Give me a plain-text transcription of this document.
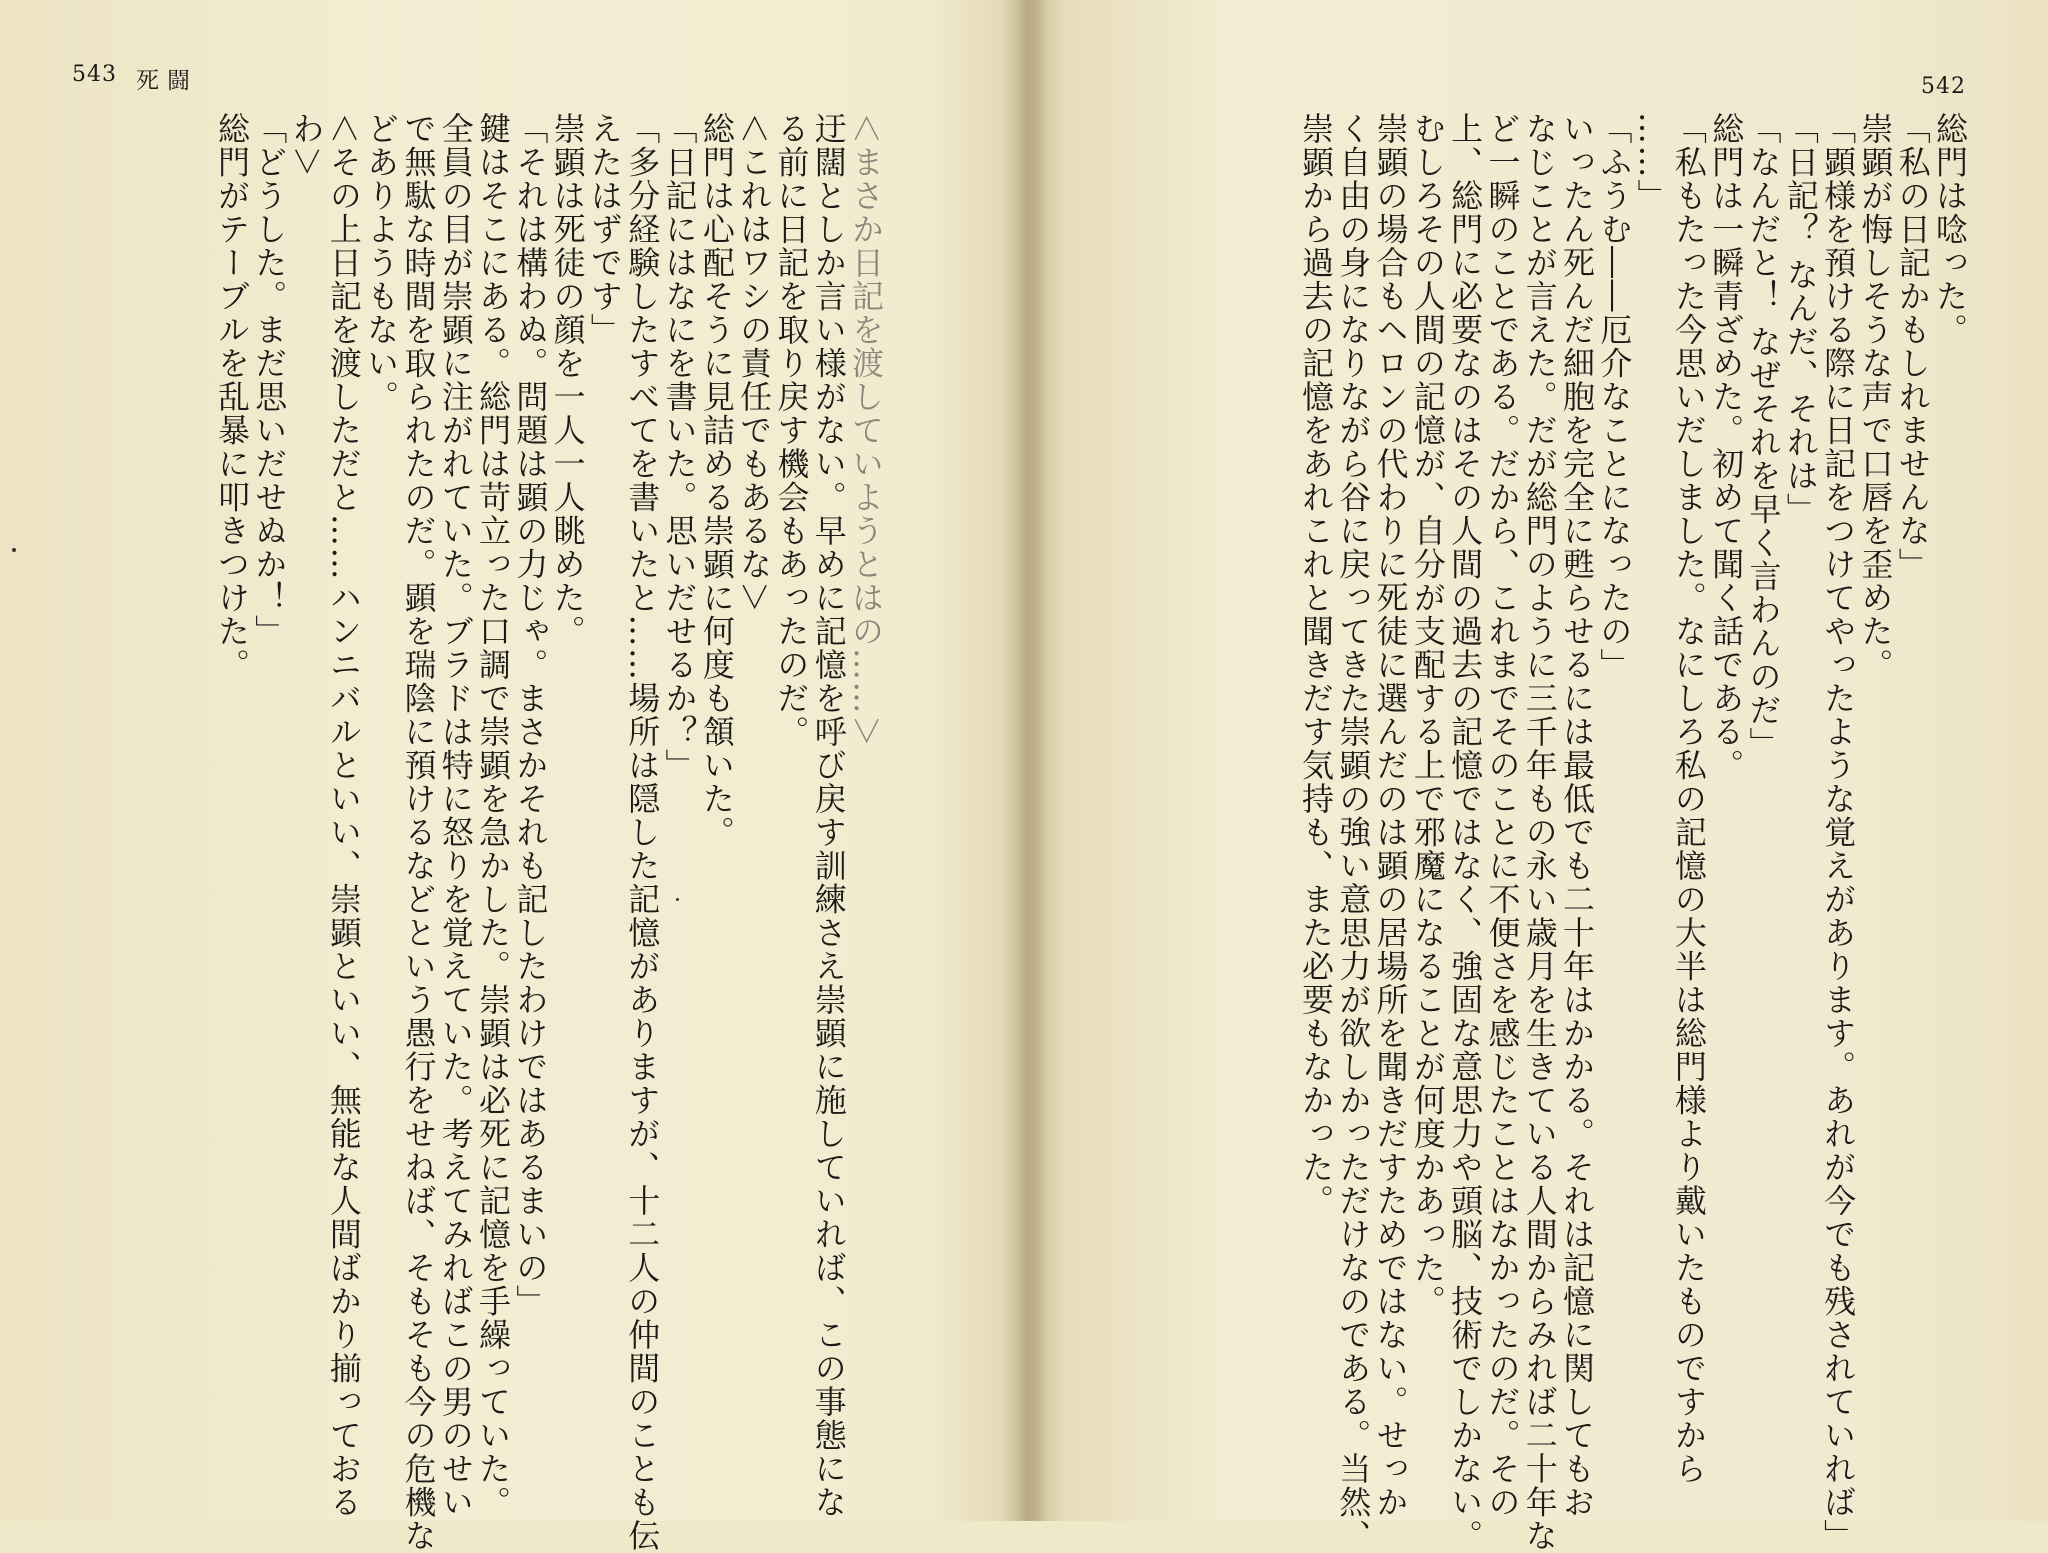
543 死闘	542
＜まさか日記を渡していようとはの……＞
迂闊としか言い様がない。早めに記憶を呼び戻す訓練さえ崇顕に施していれば、この事態にな
る前に日記を取り戻す機会もあったのだ。
＜これはワシの責任でもあるな＞
総門は心配そうに見詰める崇顕に何度も頷いた。
「日記にはなにを書いた。思いだせるか？」
「多分経験したすべてを書いたと……場所は隠した記憶がありますが、十二人の仲間のことも伝
えたはずです」
崇顕は死徒の顔を一人一人眺めた。
「それは構わぬ。問題は顕の力じゃ。まさかそれも記したわけではあるまいの」
鍵はそこにある。総門は苛立った口調で崇顕を急かした。崇顕は必死に記憶を手繰っていた。
全員の目が崇顕に注がれていた。ブラドは特に怒りを覚えていた。考えてみればこの男のせい
で無駄な時間を取られたのだ。顕を瑞陰に預けるなどという愚行をせねば、そもそも今の危機な
どありようもない。
＜その上日記を渡しただと……ハンニバルといい、崇顕といい、無能な人間ばかり揃っておる
わ＞
「どうした。まだ思いだせぬか！」
総門がテーブルを乱暴に叩きつけた。	総門は唸った。
「私の日記かもしれませんな」
崇顕が悔しそうな声で口唇を歪めた。
「顕様を預ける際に日記をつけてやったような覚えがあります。あれが今でも残されていれば」
「日記？ なんだ、それは」
「なんだと！ なぜそれを早く言わんのだ」
総門は一瞬青ざめた。初めて聞く話である。
「私もたった今思いだしました。なにしろ私の記憶の大半は総門様より戴いたものですから
……」
「ふうむ――厄介なことになったの」
いったん死んだ細胞を完全に甦らせるには最低でも二十年はかかる。それは記憶に関してもお
なじことが言えた。だが総門のように三千年もの永い歳月を生きている人間からみれば二十年な
ど一瞬のことである。だから、これまでそのことに不便さを感じたことはなかったのだ。その
上、総門に必要なのはその人間の過去の記憶ではなく、強固な意思力や頭脳、技術でしかない。
むしろその人間の記憶が、自分が支配する上で邪魔になることが何度かあった。
崇顕の場合もヘロンの代わりに死徒に選んだのは顕の居場所を聞きだすためではない。せっか
く自由の身になりながら谷に戻ってきた崇顕の強い意思力が欲しかっただけなのである。当然、
崇顕から過去の記憶をあれこれと聞きだす気持も、また必要もなかった。
